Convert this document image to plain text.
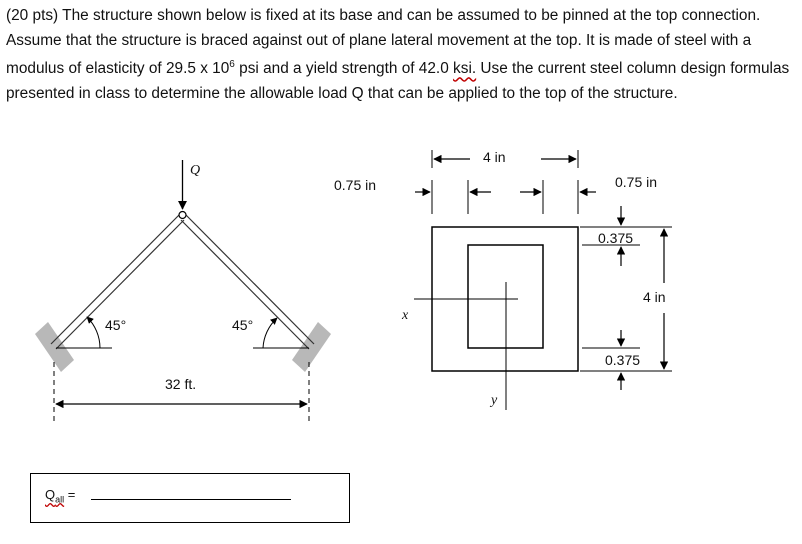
(20 pts) The structure shown below is fixed at its base and can be assumed to be pinned at the top connection. Assume that the structure is braced against out of plane lateral movement at the top. It is made of steel with a modulus of elasticity of 29.5 x $10^6$ psi and a yield strength of 42.0 ksi. Use the current steel column design formulas presented in class to determine the allowable load Q that can be applied to the top of the structure.

Q
45°	45°
32 ft.
x
y
4 in
0.75 in	0.75 in
0.375
4 in
0.375
$Q_{all}$ =
